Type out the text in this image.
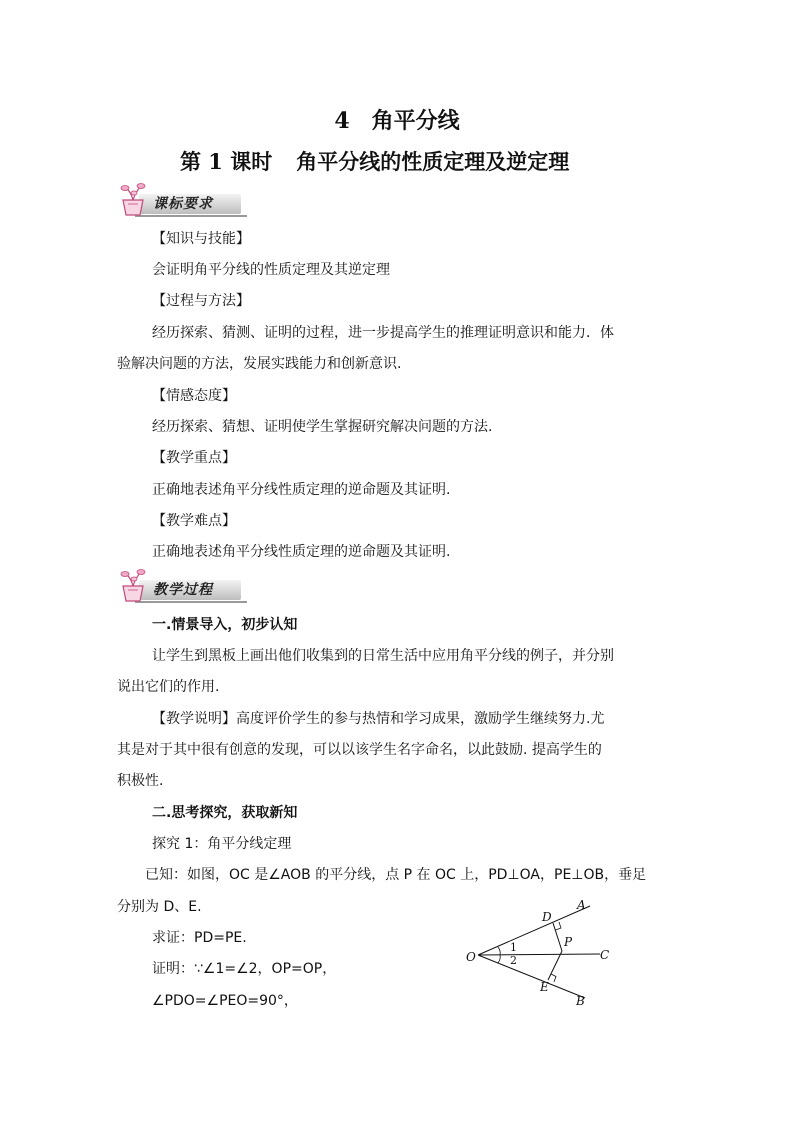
4　角平分线
第 1 课时 角平分线的性质定理及逆定理
课标要求
【知识与技能】
会证明角平分线的性质定理及其逆定理
【过程与方法】
经历探索、猜测、证明的过程，进一步提高学生的推理证明意识和能力．体
验解决问题的方法，发展实践能力和创新意识.
【情感态度】
经历探索、猜想、证明使学生掌握研究解决问题的方法.
【教学重点】
正确地表述角平分线性质定理的逆命题及其证明.
【教学难点】
正确地表述角平分线性质定理的逆命题及其证明.
教学过程
一.情景导入，初步认知
让学生到黑板上画出他们收集到的日常生活中应用角平分线的例子，并分别
说出它们的作用.
【教学说明】高度评价学生的参与热情和学习成果，激励学生继续努力.尤
其是对于其中很有创意的发现，可以以该学生名字命名，以此鼓励. 提高学生的
积极性.
二.思考探究，获取新知
探究 1：角平分线定理
已知：如图，OC 是∠AOB 的平分线，点 P 在 OC 上，PD⊥OA，PE⊥OB，垂足
分别为 D、E.
求证：PD=PE.
证明：∵∠1=∠2，OP=OP，
∠PDO=∠PEO=90°，
O
A
C
B
D
P
E
1
2
